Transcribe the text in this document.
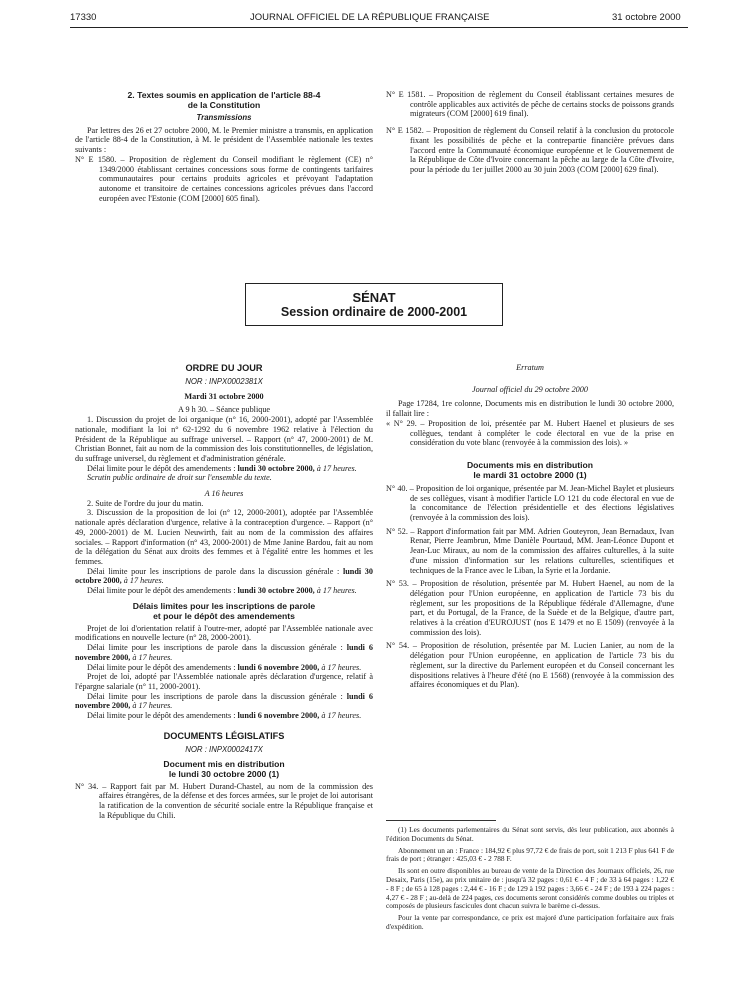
17330	JOURNAL OFFICIEL DE LA RÉPUBLIQUE FRANÇAISE	31 octobre 2000

2. Textes soumis en application de l'article 88-4

de la Constitution

Transmissions

Par lettres des 26 et 27 octobre 2000, M. le Premier ministre a transmis, en application de l'article 88-4 de la Constitution, à M. le président de l'Assemblée nationale les textes suivants :

N° E 1580. – Proposition de règlement du Conseil modifiant le règlement (CE) n° 1349/2000 établissant certaines concessions sous forme de contingents tarifaires communautaires pour certains produits agricoles et prévoyant l'adaptation autonome et transitoire de certaines concessions agricoles prévues dans l'accord européen avec l'Estonie (COM [2000] 605 final).

N° E 1581. – Proposition de règlement du Conseil établissant certaines mesures de contrôle applicables aux activités de pêche de certains stocks de poissons grands migrateurs (COM [2000] 619 final).

N° E 1582. – Proposition de règlement du Conseil relatif à la conclusion du protocole fixant les possibilités de pêche et la contrepartie financière prévues dans l'accord entre la Communauté économique européenne et le Gouvernement de la République de Côte d'Ivoire concernant la pêche au large de la Côte d'Ivoire, pour la période du 1er juillet 2000 au 30 juin 2003 (COM [2000] 629 final).

SÉNAT
Session ordinaire de 2000-2001

ORDRE DU JOUR

NOR : INPX0002381X

Mardi 31 octobre 2000

A 9 h 30. – Séance publique

1. Discussion du projet de loi organique (n° 16, 2000-2001), adopté par l'Assemblée nationale, modifiant la loi n° 62-1292 du 6 novembre 1962 relative à l'élection du Président de la République au suffrage universel. – Rapport (n° 47, 2000-2001) de M. Christian Bonnet, fait au nom de la commission des lois constitutionnelles, de législation, du suffrage universel, du règlement et d'administration générale.

Délai limite pour le dépôt des amendements : lundi 30 octobre 2000, à 17 heures.

Scrutin public ordinaire de droit sur l'ensemble du texte.

A 16 heures

2. Suite de l'ordre du jour du matin.

3. Discussion de la proposition de loi (n° 12, 2000-2001), adoptée par l'Assemblée nationale après déclaration d'urgence, relative à la contraception d'urgence. – Rapport (n° 49, 2000-2001) de M. Lucien Neuwirth, fait au nom de la commission des affaires sociales. – Rapport d'information (n° 43, 2000-2001) de Mme Janine Bardou, fait au nom de la délégation du Sénat aux droits des femmes et à l'égalité entre les hommes et les femmes.

Délai limite pour les inscriptions de parole dans la discussion générale : lundi 30 octobre 2000, à 17 heures.

Délai limite pour le dépôt des amendements : lundi 30 octobre 2000, à 17 heures.

Délais limites pour les inscriptions de parole

et pour le dépôt des amendements

Projet de loi d'orientation relatif à l'outre-mer, adopté par l'Assemblée nationale avec modifications en nouvelle lecture (n° 28, 2000-2001).

Délai limite pour les inscriptions de parole dans la discussion générale : lundi 6 novembre 2000, à 17 heures.

Délai limite pour le dépôt des amendements : lundi 6 novembre 2000, à 17 heures.

Projet de loi, adopté par l'Assemblée nationale après déclaration d'urgence, relatif à l'épargne salariale (n° 11, 2000-2001).

Délai limite pour les inscriptions de parole dans la discussion générale : lundi 6 novembre 2000, à 17 heures.

Délai limite pour le dépôt des amendements : lundi 6 novembre 2000, à 17 heures.

DOCUMENTS LÉGISLATIFS

NOR : INPX0002417X

Document mis en distribution

le lundi 30 octobre 2000 (1)

N° 34. – Rapport fait par M. Hubert Durand-Chastel, au nom de la commission des affaires étrangères, de la défense et des forces armées, sur le projet de loi autorisant la ratification de la convention de sécurité sociale entre la République française et la République du Chili.

Erratum

Journal officiel du 29 octobre 2000

Page 17284, 1re colonne, Documents mis en distribution le lundi 30 octobre 2000, il fallait lire :

« N° 29. – Proposition de loi, présentée par M. Hubert Haenel et plusieurs de ses collègues, tendant à compléter le code électoral en vue de la prise en considération du vote blanc (renvoyée à la commission des lois). »

Documents mis en distribution

le mardi 31 octobre 2000 (1)

N° 40. – Proposition de loi organique, présentée par M. Jean-Michel Baylet et plusieurs de ses collègues, visant à modifier l'article LO 121 du code électoral en vue de la concomitance de l'élection présidentielle et des élections législatives (renvoyée à la commission des lois).

N° 52. – Rapport d'information fait par MM. Adrien Gouteyron, Jean Bernadaux, Ivan Renar, Pierre Jeambrun, Mme Danièle Pourtaud, MM. Jean-Léonce Dupont et Jean-Luc Miraux, au nom de la commission des affaires culturelles, à la suite d'une mission d'information sur les relations culturelles, scientifiques et techniques de la France avec le Liban, la Syrie et la Jordanie.

N° 53. – Proposition de résolution, présentée par M. Hubert Haenel, au nom de la délégation pour l'Union européenne, en application de l'article 73 bis du règlement, sur les propositions de la République fédérale d'Allemagne, d'une part, et du Portugal, de la France, de la Suède et de la Belgique, d'autre part, relatives à la création d'EUROJUST (nos E 1479 et no E 1509) (renvoyée à la commission des lois).

N° 54. – Proposition de résolution, présentée par M. Lucien Lanier, au nom de la délégation pour l'Union européenne, en application de l'article 73 bis du règlement, sur la directive du Parlement européen et du Conseil concernant les dispositions relatives à l'heure d'été (no E 1568) (renvoyée à la commission des affaires économiques et du Plan).

(1) Les documents parlementaires du Sénat sont servis, dès leur publication, aux abonnés à l'édition Documents du Sénat.

Abonnement un an : France : 184,92 € plus 97,72 € de frais de port, soit 1 213 F plus 641 F de frais de port ; étranger : 425,03 € - 2 788 F.

Ils sont en outre disponibles au bureau de vente de la Direction des Journaux officiels, 26, rue Desaix, Paris (15e), au prix unitaire de : jusqu'à 32 pages : 0,61 € - 4 F ; de 33 à 64 pages : 1,22 € - 8 F ; de 65 à 128 pages : 2,44 € - 16 F ; de 129 à 192 pages : 3,66 € - 24 F ; de 193 à 224 pages : 4,27 € - 28 F ; au-delà de 224 pages, ces documents seront considérés comme doubles ou triples et composés de plusieurs fascicules dont chacun suivra le barème ci-dessus.

Pour la vente par correspondance, ce prix est majoré d'une participation forfaitaire aux frais d'expédition.
